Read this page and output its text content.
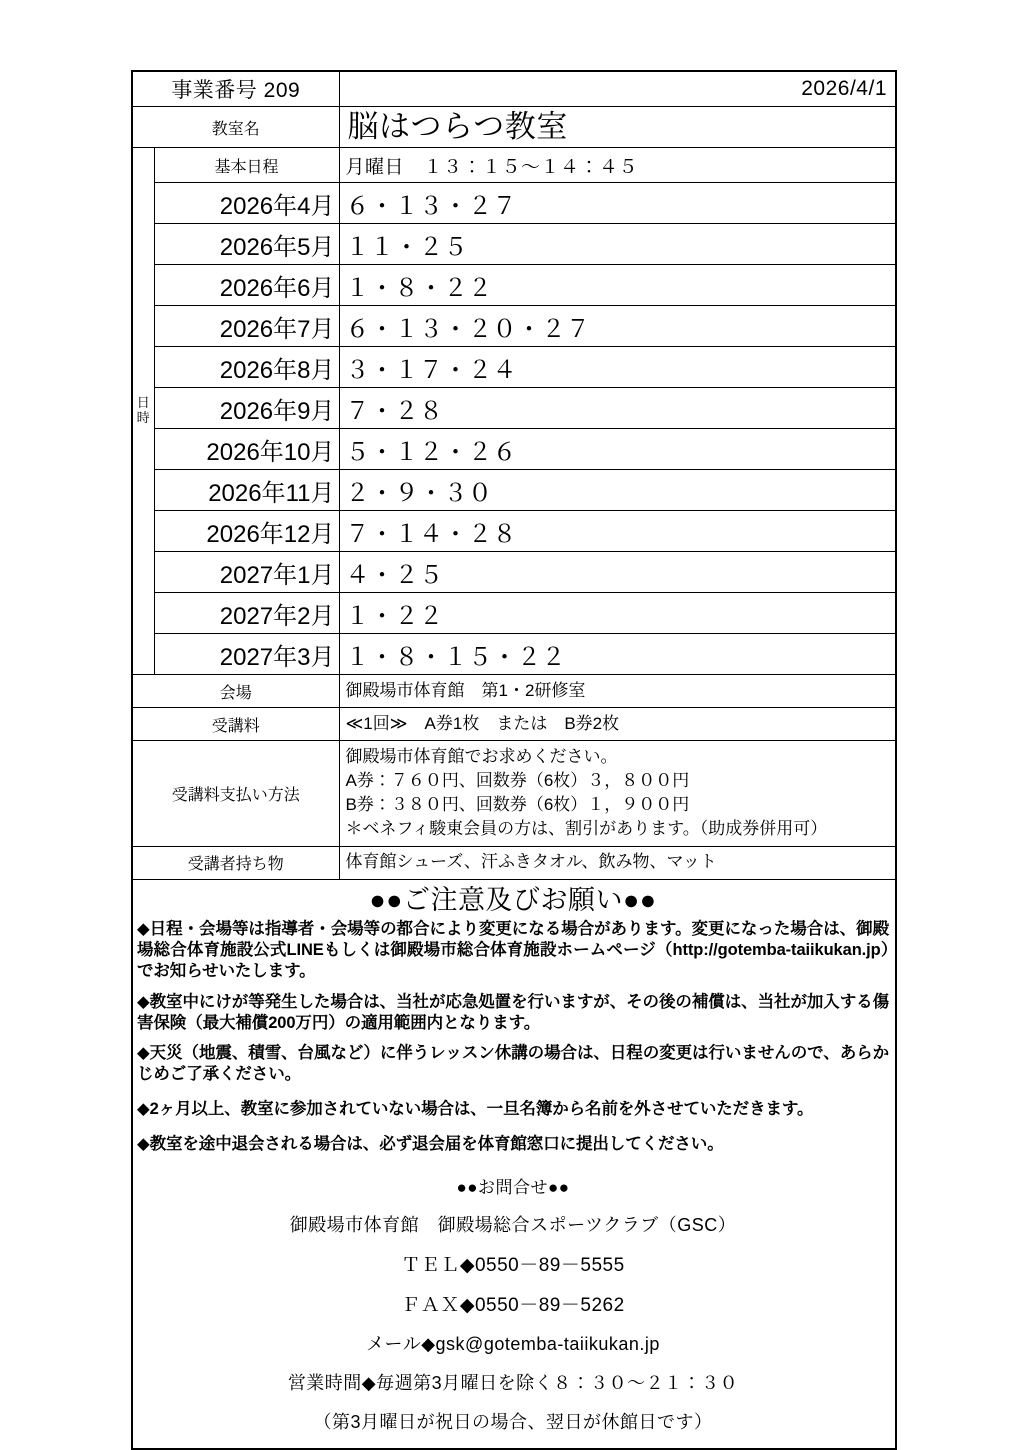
事業番号 209		2026/4/1
教室名		脳はつらつ教室

日
時	基本日程	月曜日　１３：１５～１４：４５
	2026年4月	６・１３・２７
	2026年5月	１１・２５
	2026年6月	１・８・２２
	2026年7月	６・１３・２０・２７
	2026年8月	３・１７・２４
	2026年9月	７・２８
	2026年10月	５・１２・２６
	2026年11月	２・９・３０
	2026年12月	７・１４・２８
	2027年1月	４・２５
	2027年2月	１・２２
	2027年3月	１・８・１５・２２
会場		御殿場市体育館　第1・2研修室
受講料		≪1回≫　A券1枚　または　B券2枚
受講料支払い方法		御殿場市体育館でお求めください。
A券：７６０円、回数券（6枚）３，８００円
B券：３８０円、回数券（6枚）１，９００円
＊ベネフィ駿東会員の方は、割引があります。（助成券併用可）

受講者持ち物		体育館シューズ、汗ふきタオル、飲み物、マット

●●ご注意及びお願い●●

◆日程・会場等は指導者・会場等の都合により変更になる場合があります。変更になった場合は、御殿場総合体育施設公式LINEもしくは御殿場市総合体育施設ホームページ（http://gotemba-taiikukan.jp）でお知らせいたします。

◆教室中にけが等発生した場合は、当社が応急処置を行いますが、その後の補償は、当社が加入する傷害保険（最大補償200万円）の適用範囲内となります。

◆天災（地震、積雪、台風など）に伴うレッスン休講の場合は、日程の変更は行いませんので、あらかじめご了承ください。

◆2ヶ月以上、教室に参加されていない場合は、一旦名簿から名前を外させていただきます。

◆教室を途中退会される場合は、必ず退会届を体育館窓口に提出してください。

●●お問合せ●●
御殿場市体育館　御殿場総合スポーツクラブ（GSC）
ＴＥＬ◆0550－89－5555
ＦＡＸ◆0550－89－5262
メール◆gsk@gotemba-taiikukan.jp
営業時間◆毎週第3月曜日を除く８：３０～２１：３０
（第3月曜日が祝日の場合、翌日が休館日です）
